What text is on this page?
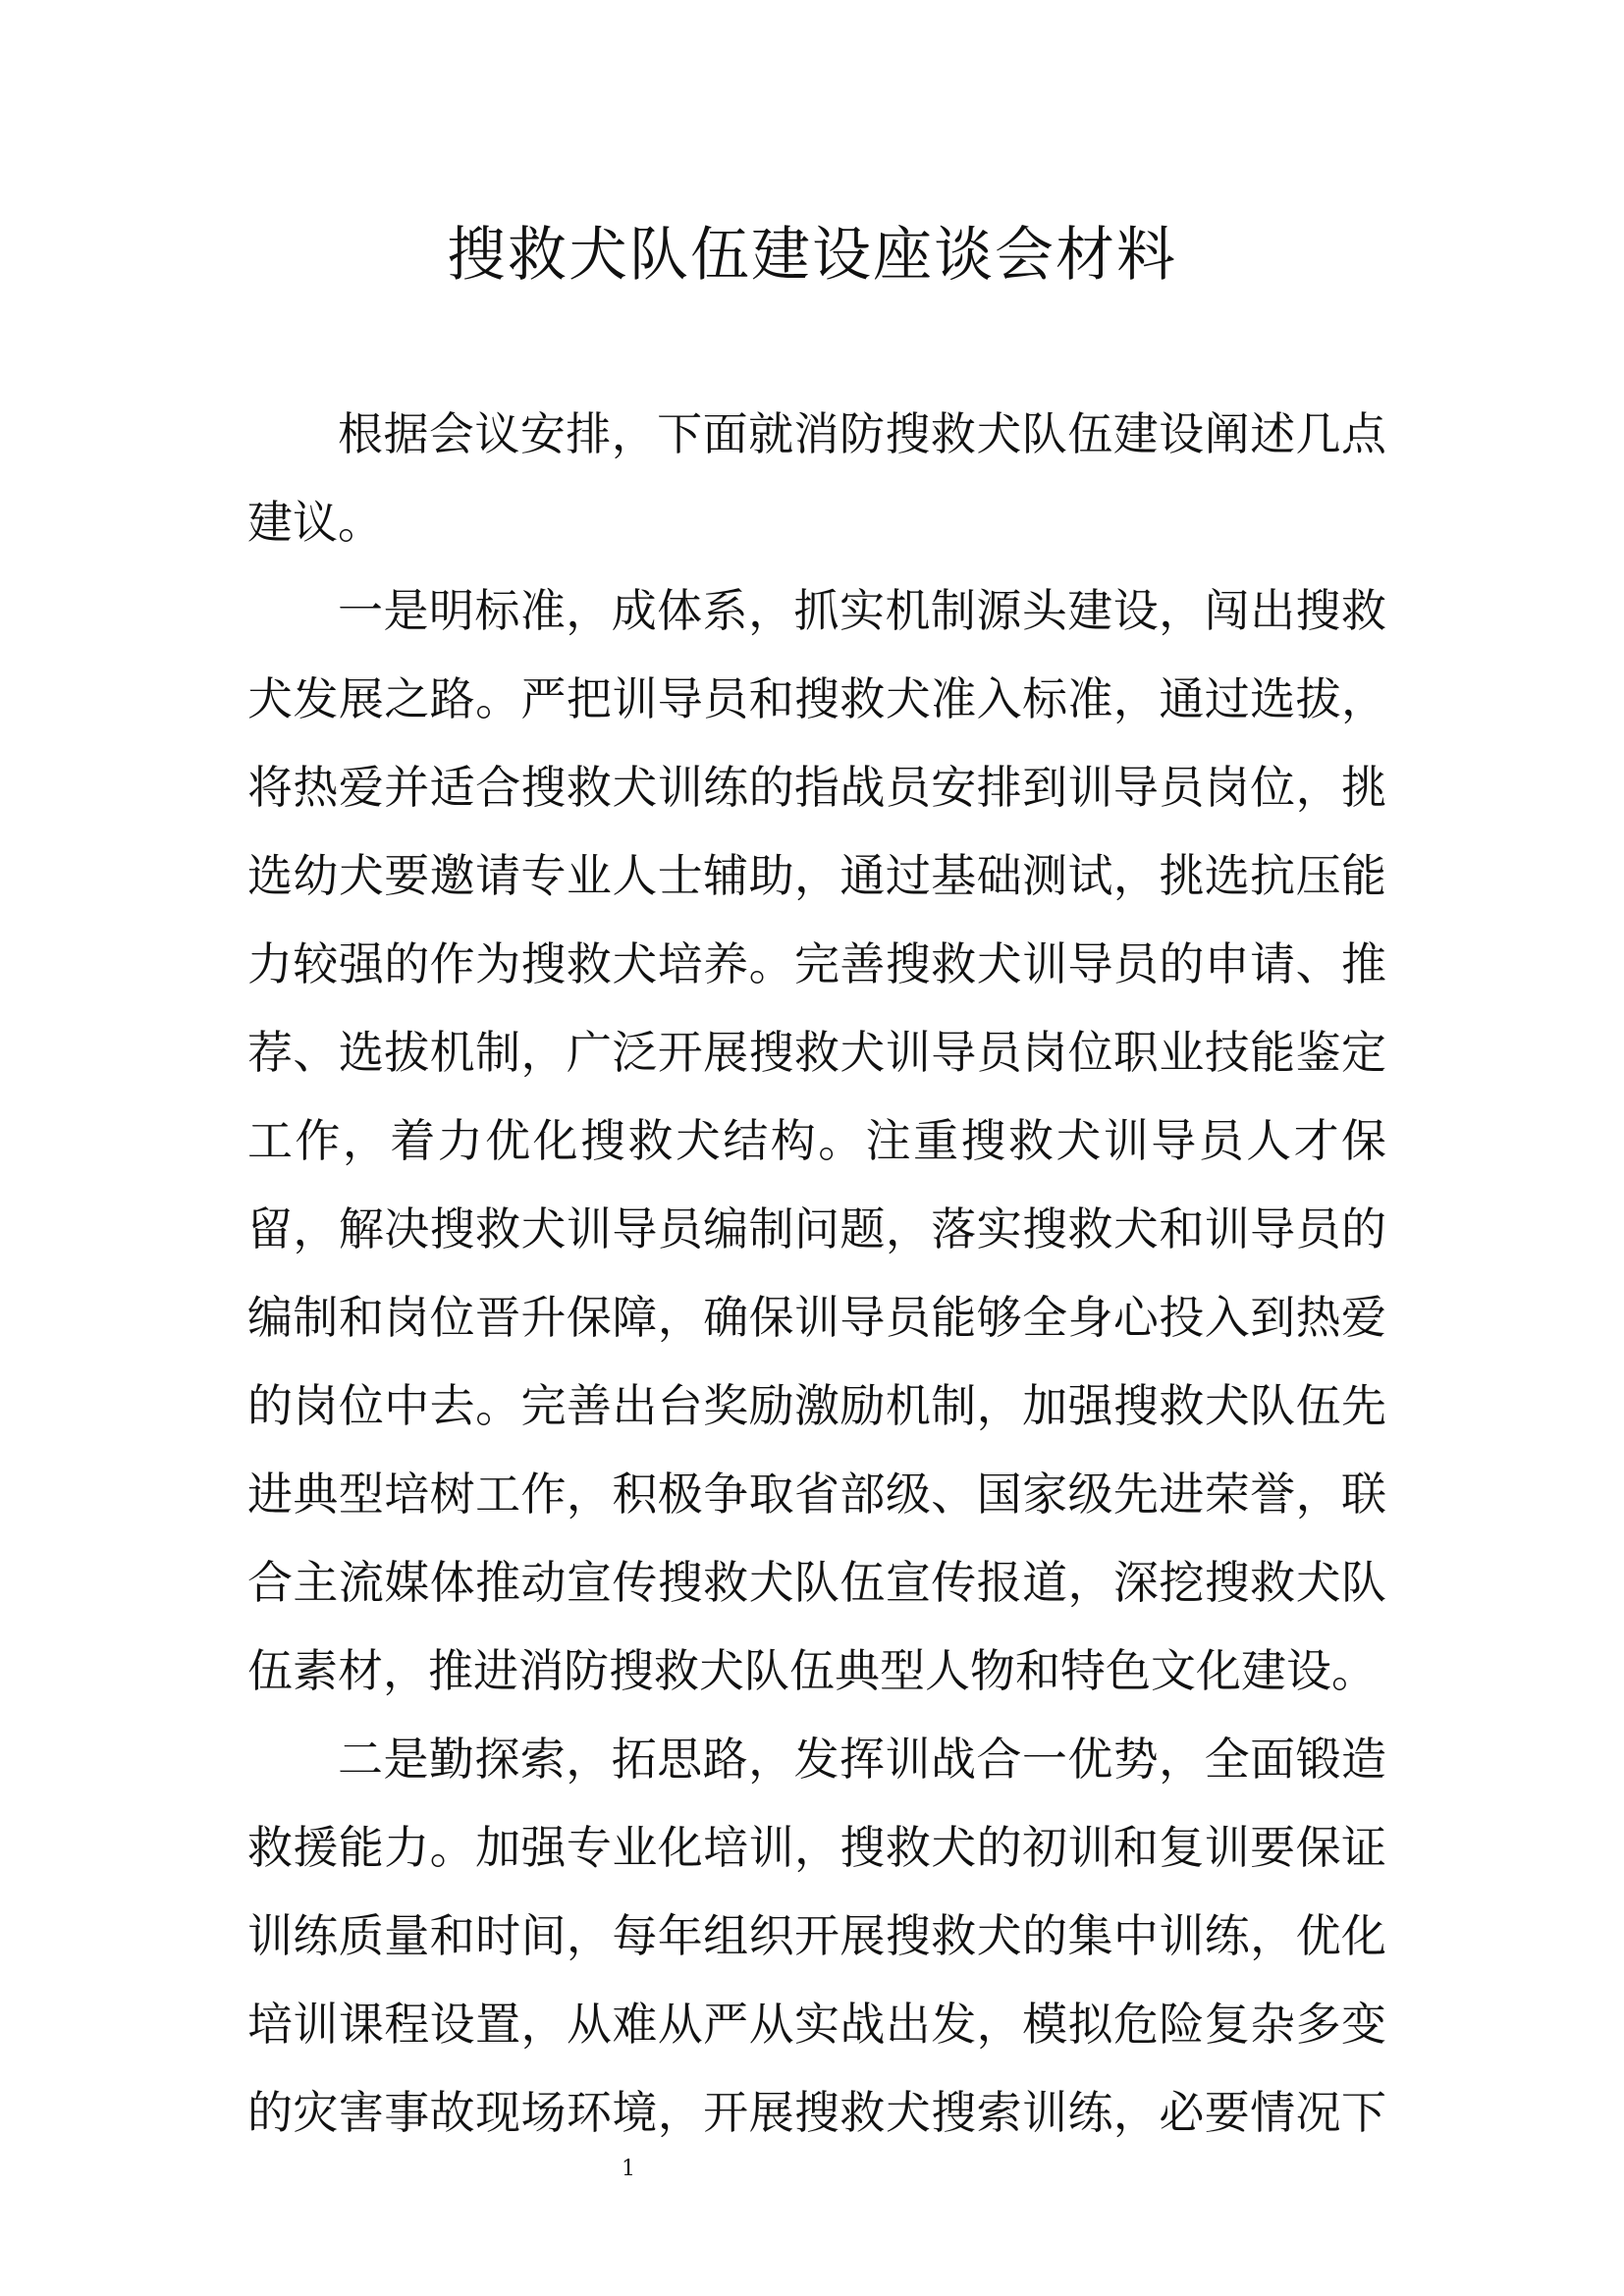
搜救犬队伍建设座谈会材料
根据会议安排，下面就消防搜救犬队伍建设阐述几点
建议。
一是明标准，成体系，抓实机制源头建设，闯出搜救
犬发展之路。严把训导员和搜救犬准入标准，通过选拔，
将热爱并适合搜救犬训练的指战员安排到训导员岗位，挑
选幼犬要邀请专业人士辅助，通过基础测试，挑选抗压能
力较强的作为搜救犬培养。完善搜救犬训导员的申请、推
荐、选拔机制，广泛开展搜救犬训导员岗位职业技能鉴定
工作，着力优化搜救犬结构。注重搜救犬训导员人才保
留，解决搜救犬训导员编制问题，落实搜救犬和训导员的
编制和岗位晋升保障，确保训导员能够全身心投入到热爱
的岗位中去。完善出台奖励激励机制，加强搜救犬队伍先
进典型培树工作，积极争取省部级、国家级先进荣誉，联
合主流媒体推动宣传搜救犬队伍宣传报道，深挖搜救犬队
伍素材，推进消防搜救犬队伍典型人物和特色文化建设。
二是勤探索，拓思路，发挥训战合一优势，全面锻造
救援能力。加强专业化培训，搜救犬的初训和复训要保证
训练质量和时间，每年组织开展搜救犬的集中训练，优化
培训课程设置，从难从严从实战出发，模拟危险复杂多变
的灾害事故现场环境，开展搜救犬搜索训练，必要情况下
1
